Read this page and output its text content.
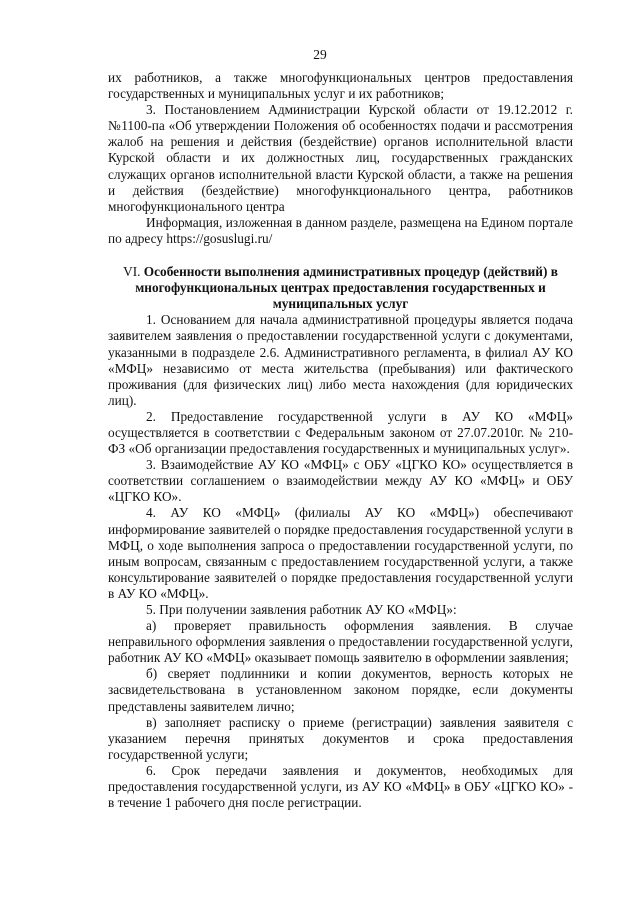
29

их работников, а также многофункциональных центров предоставления государственных и муниципальных услуг и их работников;

3. Постановлением Администрации Курской области от 19.12.2012 г. №1100-па «Об утверждении Положения об особенностях подачи и рассмотрения жалоб на решения и действия (бездействие) органов исполнительной власти Курской области и их должностных лиц, государственных гражданских служащих органов исполнительной власти Курской области, а также на решения и действия (бездействие) многофункционального центра, работников многофункционального центра

Информация, изложенная в данном разделе, размещена на Едином портале по адресу https://gosuslugi.ru/

VI. Особенности выполнения административных процедур (действий) в многофункциональных центрах предоставления государственных и муниципальных услуг

1. Основанием для начала административной процедуры является подача заявителем заявления о предоставлении государственной услуги с документами, указанными в подразделе 2.6. Административного регламента, в филиал АУ КО «МФЦ» независимо от места жительства (пребывания) или фактического проживания (для физических лиц) либо места нахождения (для юридических лиц).

2. Предоставление государственной услуги в АУ КО «МФЦ» осуществляется в соответствии с Федеральным законом от 27.07.2010г. № 210-ФЗ «Об организации предоставления государственных и муниципальных услуг».

3. Взаимодействие АУ КО «МФЦ» с ОБУ «ЦГКО КО» осуществляется в соответствии соглашением о взаимодействии между АУ КО «МФЦ» и ОБУ «ЦГКО КО».

4. АУ КО «МФЦ» (филиалы АУ КО «МФЦ») обеспечивают информирование заявителей о порядке предоставления государственной услуги в МФЦ, о ходе выполнения запроса о предоставлении государственной услуги, по иным вопросам, связанным с предоставлением государственной услуги, а также консультирование заявителей о порядке предоставления государственной услуги в АУ КО «МФЦ».

5. При получении заявления работник АУ КО «МФЦ»:

а) проверяет правильность оформления заявления. В случае неправильного оформления заявления о предоставлении государственной услуги, работник АУ КО «МФЦ» оказывает помощь заявителю в оформлении заявления;

б) сверяет подлинники и копии документов, верность которых не засвидетельствована в установленном законом порядке, если документы представлены заявителем лично;

в) заполняет расписку о приеме (регистрации) заявления заявителя с указанием перечня принятых документов и срока предоставления государственной услуги;

6. Срок передачи заявления и документов, необходимых для предоставления государственной услуги, из АУ КО «МФЦ» в ОБУ «ЦГКО КО» - в течение 1 рабочего дня после регистрации.
